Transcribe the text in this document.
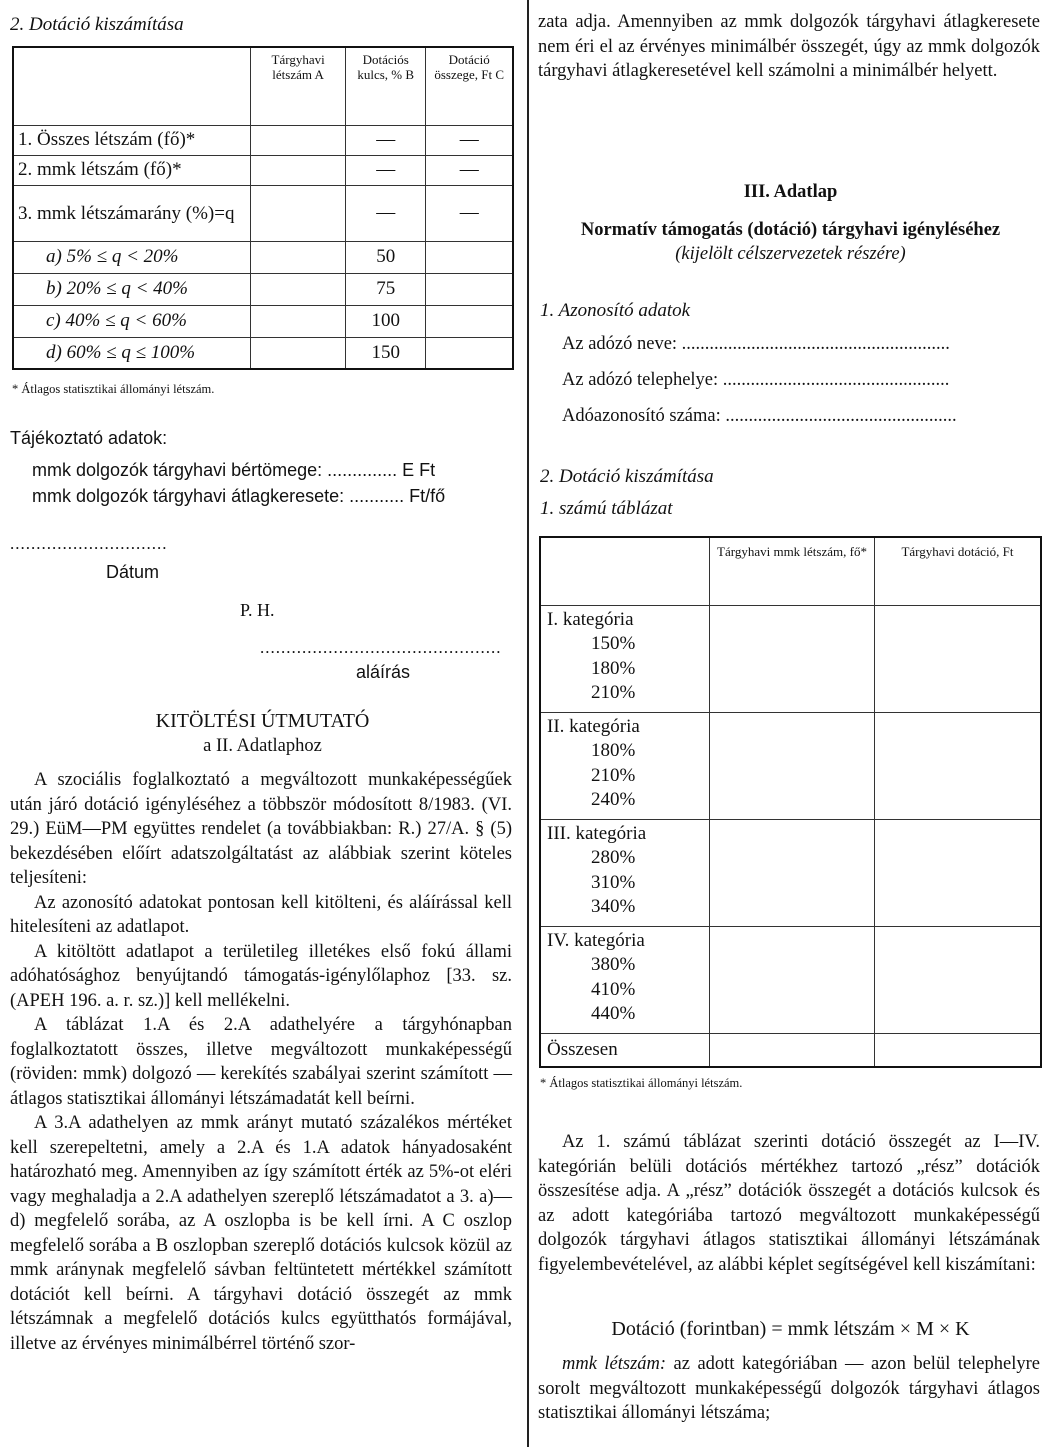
2. Dotáció kiszámítása
	Tárgyhavi létszám A	Dotációs kulcs, % B	Dotáció összege, Ft C
1. Összes létszám (fő)*		—	—
2. mmk létszám (fő)*		—	—
3. mmk létszámarány (%)=q		—	—
a) 5% ≤ q < 20%		50	
b) 20% ≤ q < 40%		75	
c) 40% ≤ q < 60%		100	
d) 60% ≤ q ≤ 100%		150	
* Átlagos statisztikai állományi létszám.
Tájékoztató adatok:
mmk dolgozók tárgyhavi bértömege: .............. E Ft
mmk dolgozók tárgyhavi átlagkeresete: ........... Ft/fő
..............................
Dátum
P. H.
..............................................
aláírás
KITÖLTÉSI ÚTMUTATÓ
a II. Adatlaphoz

A szociális foglalkoztató a megváltozott munkaképességűek után járó dotáció igényléséhez a többször módosított 8/1983. (VI. 29.) EüM—PM együttes rendelet (a továbbiakban: R.) 27/A. § (5) bekezdésében előírt adatszolgáltatást az alábbiak szerint köteles teljesíteni:

Az azonosító adatokat pontosan kell kitölteni, és aláírással kell hitelesíteni az adatlapot.

A kitöltött adatlapot a területileg illetékes első fokú állami adóhatósághoz benyújtandó támogatás-igénylőlaphoz [33. sz. (APEH 196. a. r. sz.)] kell mellékelni.

A táblázat 1.A és 2.A adathelyére a tárgyhónapban foglalkoztatott összes, illetve megváltozott munkaképességű (röviden: mmk) dolgozó — kerekítés szabályai szerint számított — átlagos statisztikai állományi létszámadatát kell beírni.

A 3.A adathelyen az mmk arányt mutató százalékos mértéket kell szerepeltetni, amely a 2.A és 1.A adatok hányadosaként határozható meg. Amennyiben az így számított érték az 5%-ot eléri vagy meghaladja a 2.A adathelyen szereplő létszámadatot a 3. a)—d) megfelelő sorába, az A oszlopba is be kell írni. A C oszlop megfelelő sorába a B oszlopban szereplő dotációs kulcsok közül az mmk aránynak megfelelő sávban feltüntetett mértékkel számított dotációt kell beírni. A tárgyhavi dotáció összegét az mmk létszámnak a megfelelő dotációs kulcs együtthatós formájával, illetve az érvényes minimálbérrel történő szor-

zata adja. Amennyiben az mmk dolgozók tárgyhavi átlagkeresete nem éri el az érvényes minimálbér összegét, úgy az mmk dolgozók tárgyhavi átlagkeresetével kell számolni a minimálbér helyett.
III. Adatlap
Normatív támogatás (dotáció) tárgyhavi igényléséhez
(kijelölt célszervezetek részére)
1. Azonosító adatok
Az adózó neve: ..........................................................
Az adózó telephelye: .................................................
Adóazonosító száma: ..................................................
2. Dotáció kiszámítása
1. számú táblázat
	Tárgyhavi mmk létszám, fő*	Tárgyhavi dotáció, Ft

I. kategória
150%
180%
210%		

II. kategória
180%
210%
240%		

III. kategória
280%
310%
340%		

IV. kategória
380%
410%
440%		

Összesen		
* Átlagos statisztikai állományi létszám.
Az 1. számú táblázat szerinti dotáció összegét az I—IV. kategórián belüli dotációs mértékhez tartozó „rész” dotációk összesítése adja. A „rész” dotációk összegét a dotációs kulcsok és az adott kategóriába tartozó megváltozott munkaképességű dolgozók tárgyhavi átlagos statisztikai állományi létszámának figyelembevételével, az alábbi képlet segítségével kell kiszámítani:
Dotáció (forintban) = mmk létszám × M × K
mmk létszám: az adott kategóriában — azon belül telephelyre sorolt megváltozott munkaképességű dolgozók tárgyhavi átlagos statisztikai állományi létszáma;
